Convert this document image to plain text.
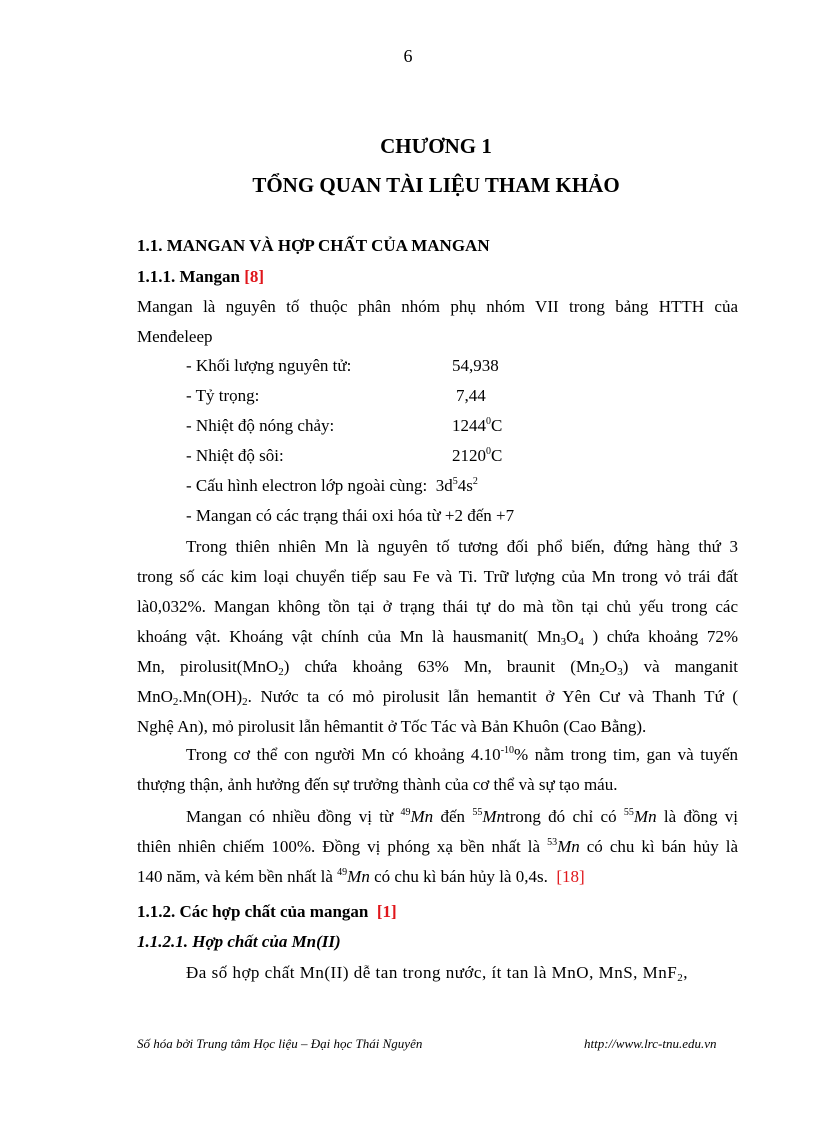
6
CHƯƠNG 1
TỔNG QUAN TÀI LIỆU THAM KHẢO
1.1. MANGAN VÀ HỢP CHẤT CỦA MANGAN
1.1.1. Mangan [8]
Mangan là nguyên tố thuộc phân nhóm phụ nhóm VII trong bảng HTTH của
Menđeleep
- Khối lượng nguyên tử:	54,938
- Tỷ trọng:	7,44
- Nhiệt độ nóng chảy:	1244$^0$C
- Nhiệt độ sôi:	2120$^0$C
- Cấu hình electron lớp ngoài cùng: $3d^54s^2$
- Mangan có các trạng thái oxi hóa từ +2 đến +7
Trong thiên nhiên Mn là nguyên tố tương đối phổ biến, đứng hàng thứ 3
trong số các kim loại chuyển tiếp sau Fe và Ti. Trữ lượng của Mn trong vỏ trái đất
là0,032%. Mangan không tồn tại ở trạng thái tự do mà tồn tại chủ yếu trong các
khoáng vật. Khoáng vật chính của Mn là hausmanit( $Mn_3O_4$ ) chứa khoảng 72%
Mn, pirolusit(MnO$_2$) chứa khoảng 63% Mn, braunit $(Mn_2O_3)$ và manganit
$MnO_2.Mn(OH)_2$. Nước ta có mỏ pirolusit lẫn hemantit ở Yên Cư và Thanh Tứ (
Nghệ An), mỏ pirolusit lẫn hêmantit ở Tốc Tác và Bản Khuôn (Cao Bằng).
Trong cơ thể con người Mn có khoảng $4.10^{-10}\%$ nằm trong tim, gan và tuyến
thượng thận, ảnh hưởng đến sự trưởng thành của cơ thể và sự tạo máu.
Mangan có nhiều đồng vị từ $^{49}$Mn đến $^{55}$Mntrong đó chỉ có $^{55}$Mn là đồng vị
thiên nhiên chiếm 100%. Đồng vị phóng xạ bền nhất là $^{53}$Mn có chu kì bán hủy là
140 năm, và kém bền nhất là $^{49}$Mn có chu kì bán hủy là 0,4s. [18]
1.1.2. Các hợp chất của mangan [1]
1.1.2.1. Hợp chất của Mn(II)
Đa số hợp chất Mn(II) dễ tan trong nước, ít tan là MnO, MnS, MnF$_2$,
Số hóa bởi Trung tâm Học liệu – Đại học Thái Nguyên	http://www.lrc-tnu.edu.vn
